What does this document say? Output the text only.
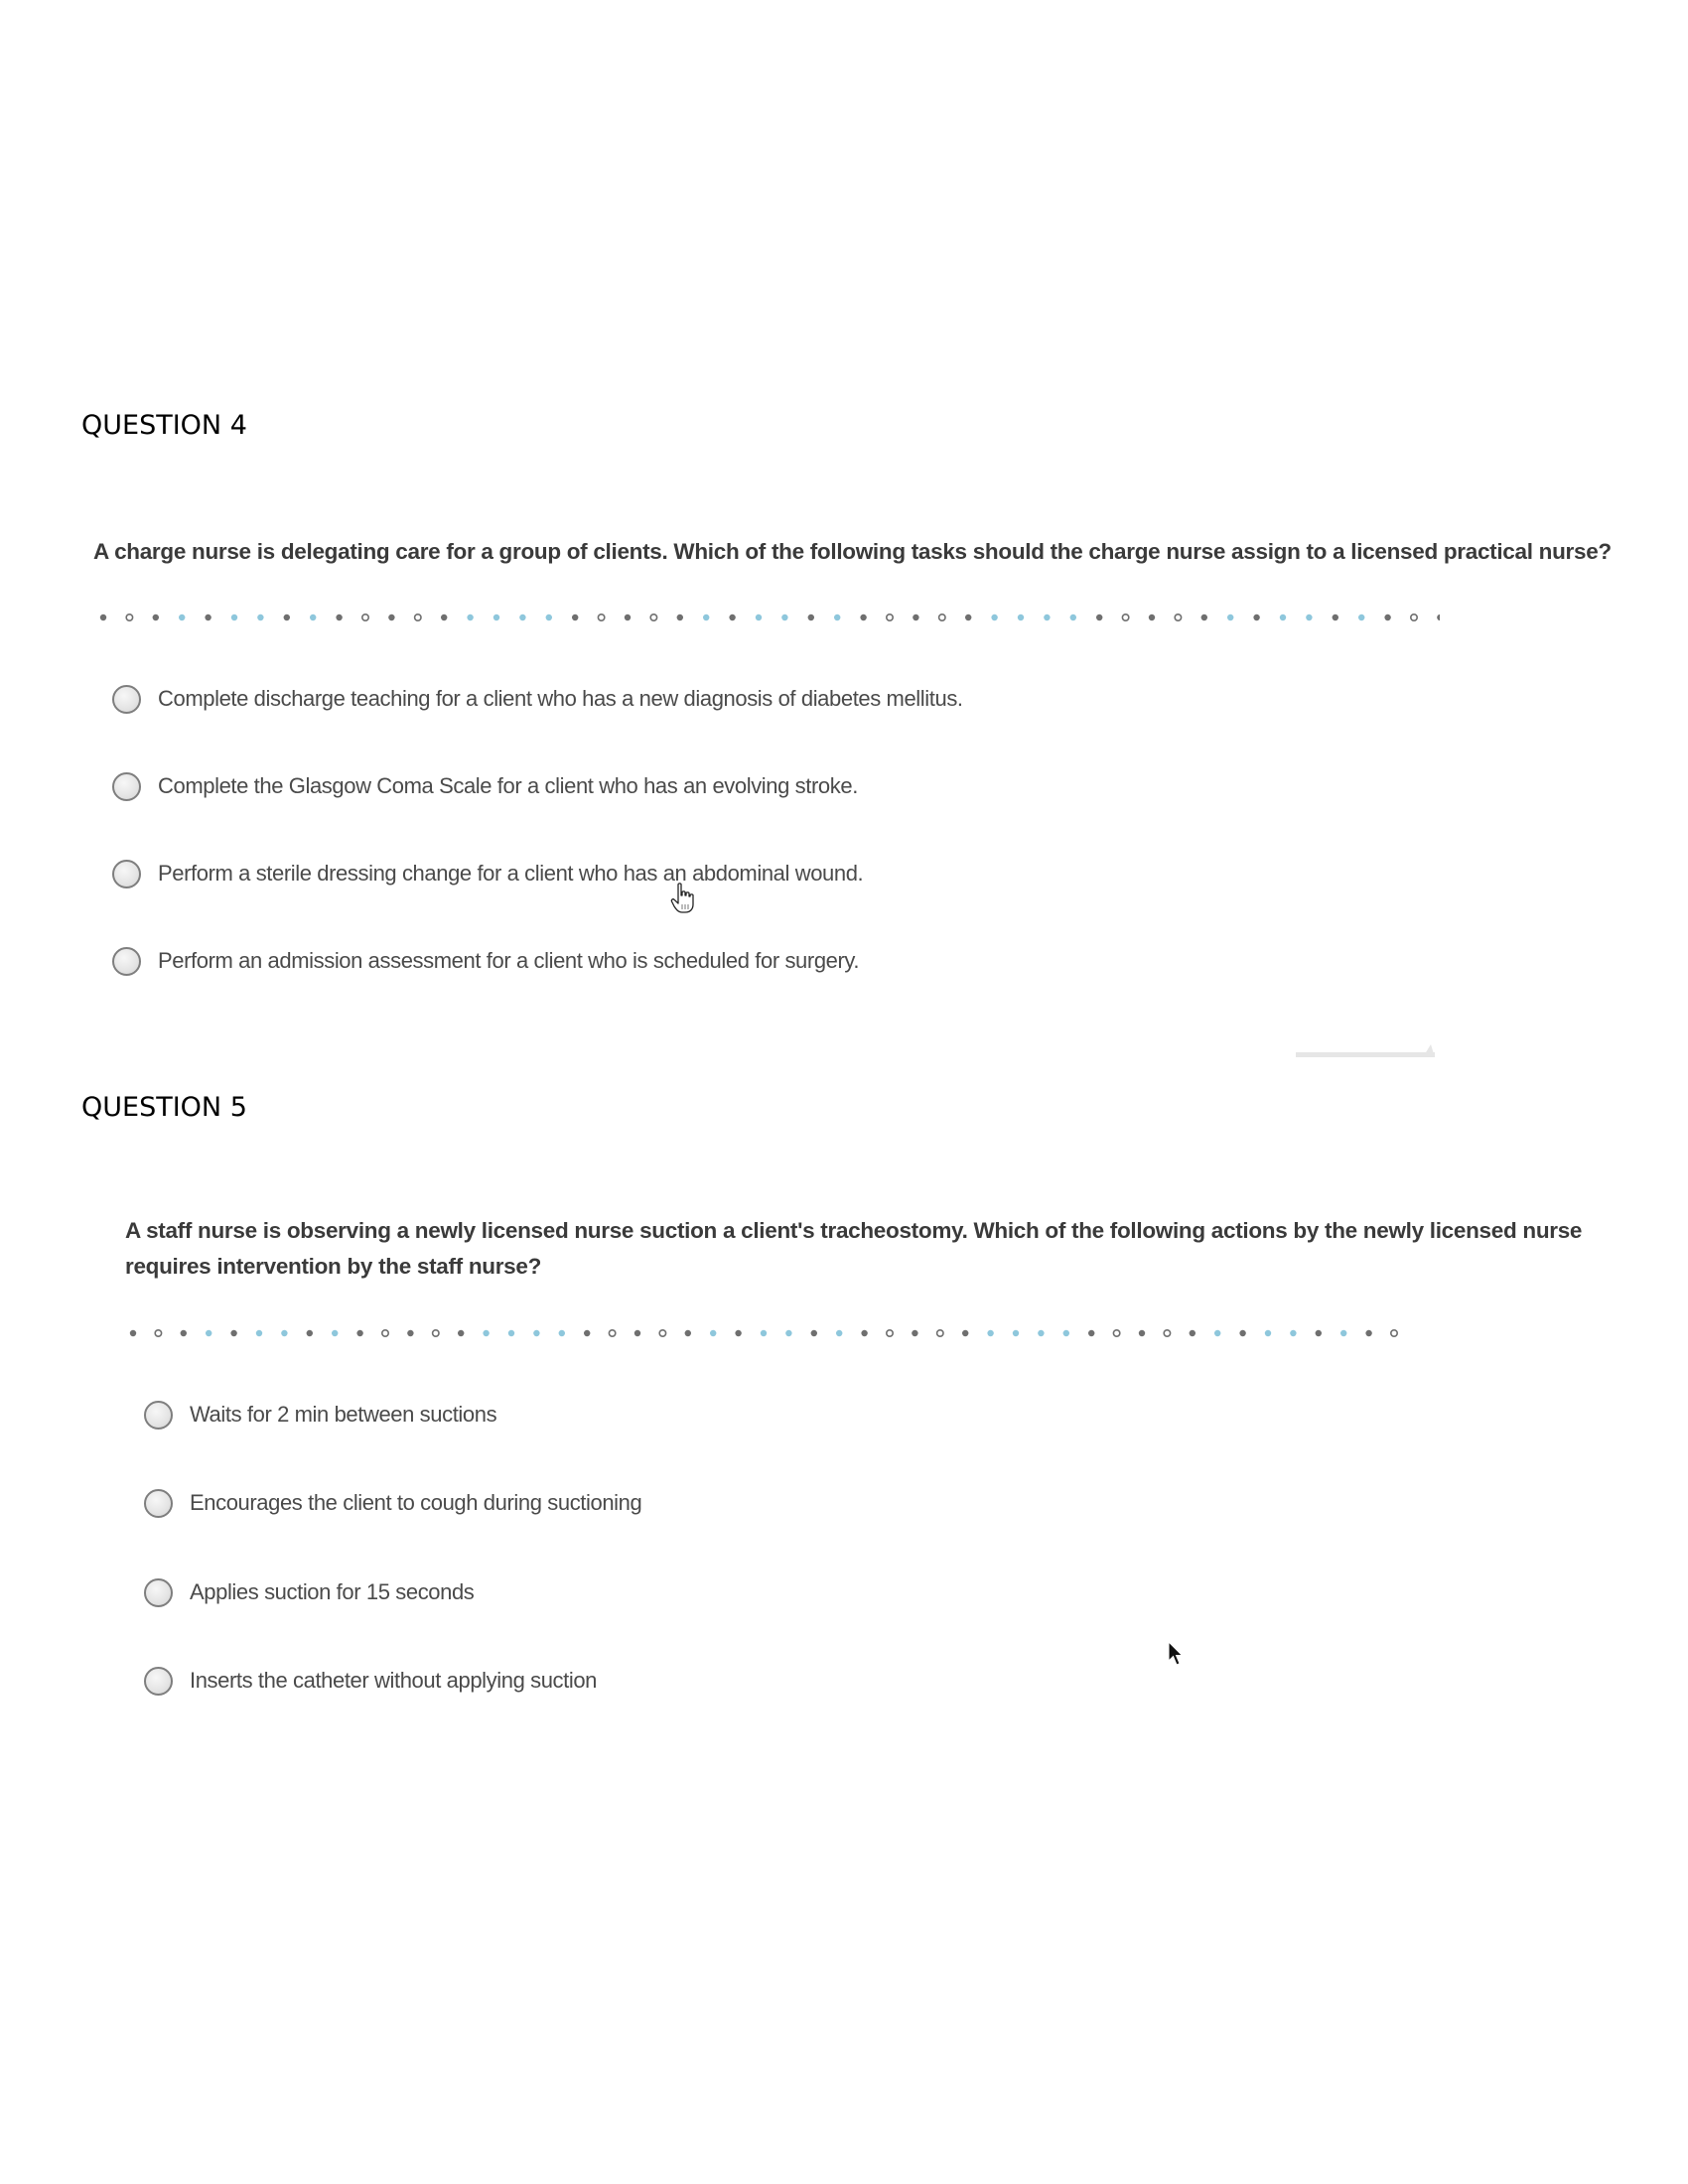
QUESTION 4

A charge nurse is delegating care for a group of clients. Which of the following tasks should the charge nurse assign to a licensed practical nurse?

Complete discharge teaching for a client who has a new diagnosis of diabetes mellitus.
Complete the Glasgow Coma Scale for a client who has an evolving stroke.
Perform a sterile dressing change for a client who has an abdominal wound.
Perform an admission assessment for a client who is scheduled for surgery.
QUESTION 5

A staff nurse is observing a newly licensed nurse suction a client's tracheostomy. Which of the following actions by the newly licensed nurse

requires intervention by the staff nurse?

Waits for 2 min between suctions
Encourages the client to cough during suctioning
Applies suction for 15 seconds
Inserts the catheter without applying suction
